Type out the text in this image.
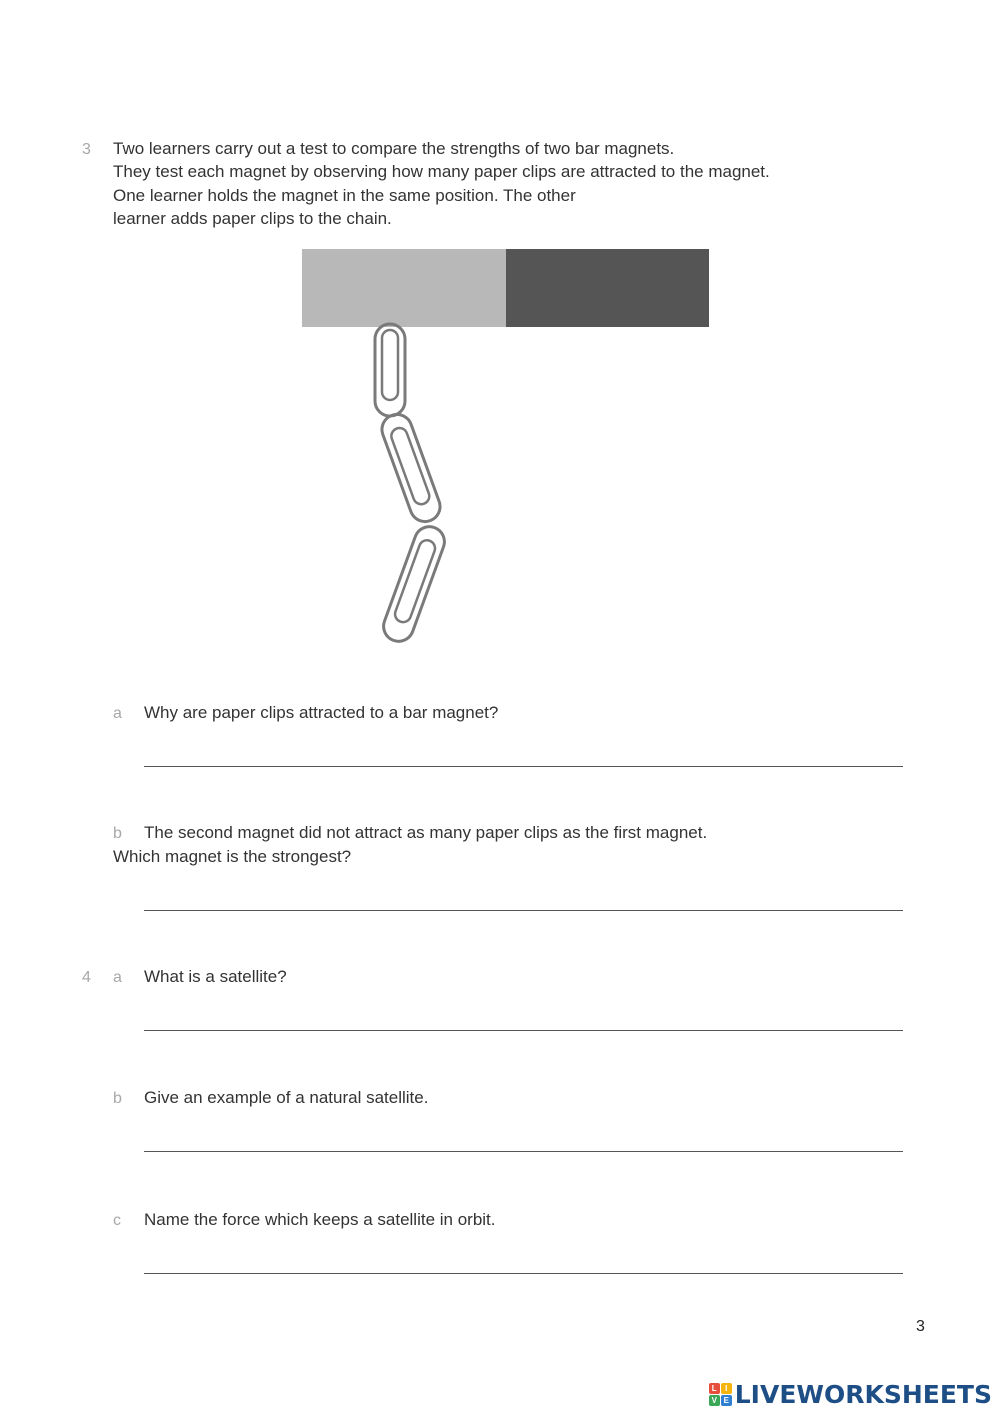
3 Two learners carry out a test to compare the strengths of two bar magnets.
They test each magnet by observing how many paper clips are attracted to the magnet.
One learner holds the magnet in the same position. The other
learner adds paper clips to the chain.
a Why are paper clips attracted to a bar magnet?
b The second magnet did not attract as many paper clips as the first magnet.
Which magnet is the strongest?
4 a What is a satellite?
b Give an example of a natural satellite.
c Name the force which keeps a satellite in orbit.
3
L	I
V E LIVEWORKSHEETS
